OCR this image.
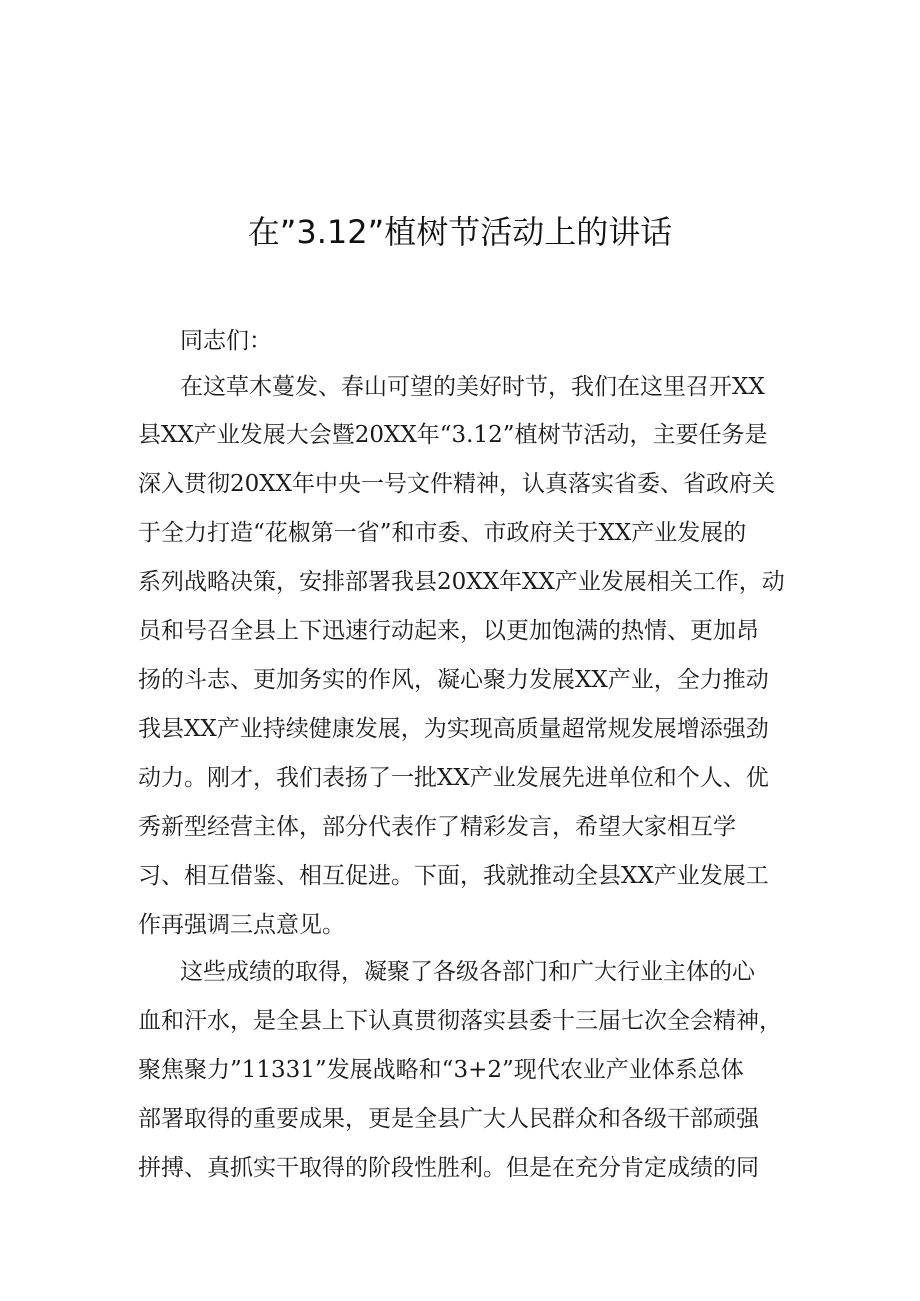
在”3.12”植树节活动上的讲话
同志们：
在这草木蔓发、春山可望的美好时节，我们在这里召开XX
县XX产业发展大会暨20XX年“3.12”植树节活动，主要任务是
深入贯彻20XX年中央一号文件精神，认真落实省委、省政府关
于全力打造“花椒第一省”和市委、市政府关于XX产业发展的
系列战略决策，安排部署我县20XX年XX产业发展相关工作，动
员和号召全县上下迅速行动起来，以更加饱满的热情、更加昂
扬的斗志、更加务实的作风，凝心聚力发展XX产业，全力推动
我县XX产业持续健康发展，为实现高质量超常规发展增添强劲
动力。刚才，我们表扬了一批XX产业发展先进单位和个人、优
秀新型经营主体，部分代表作了精彩发言，希望大家相互学
习、相互借鉴、相互促进。下面，我就推动全县XX产业发展工
作再强调三点意见。
这些成绩的取得，凝聚了各级各部门和广大行业主体的心
血和汗水，是全县上下认真贯彻落实县委十三届七次全会精神，
聚焦聚力”11331”发展战略和“3+2”现代农业产业体系总体
部署取得的重要成果，更是全县广大人民群众和各级干部顽强
拼搏、真抓实干取得的阶段性胜利。但是在充分肯定成绩的同
